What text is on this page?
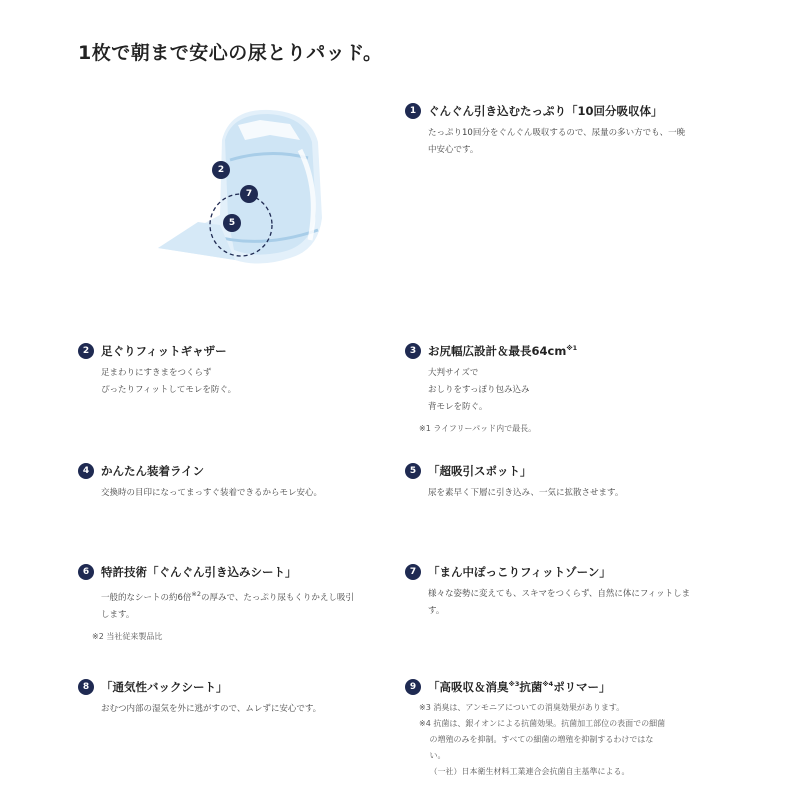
1枚で朝まで安心の尿とりパッド。
2
7
5
1	ぐんぐん引き込むたっぷり「10回分吸収体」
たっぷり10回分をぐんぐん吸収するので、尿量の多い方でも、一晩
中安心です。
2	足ぐりフィットギャザー
足まわりにすきまをつくらず
ぴったりフィットしてモレを防ぐ。
3	お尻幅広設計＆最長$64cm^{※1}$
大判サイズで
おしりをすっぽり包み込み
背モレを防ぐ。
※1 ライフリーパッド内で最長。
4	かんたん装着ライン
交換時の目印になってまっすぐ装着できるからモレ安心。
5	「超吸引スポット」
尿を素早く下層に引き込み、一気に拡散させます。
6	特許技術「ぐんぐん引き込みシート」
一般的なシートの約6倍$^{※2}$の厚みで、たっぷり尿もくりかえし吸引
します。
※2 当社従来製品比
7	「まん中ぽっこりフィットゾーン」
様々な姿勢に変えても、スキマをつくらず、自然に体にフィットしま
す。
8	「通気性バックシート」
おむつ内部の湿気を外に逃がすので、ムレずに安心です。
9	「高吸収＆消臭$^{※3}$抗菌$^{※4}$ポリマー」
※3 消臭は、アンモニアについての消臭効果があります。
※4 抗菌は、銀イオンによる抗菌効果。抗菌加工部位の表面での細菌
　 の増殖のみを抑制。すべての細菌の増殖を抑制するわけではな
　 い。
　 （一社）日本衛生材料工業連合会抗菌自主基準による。
